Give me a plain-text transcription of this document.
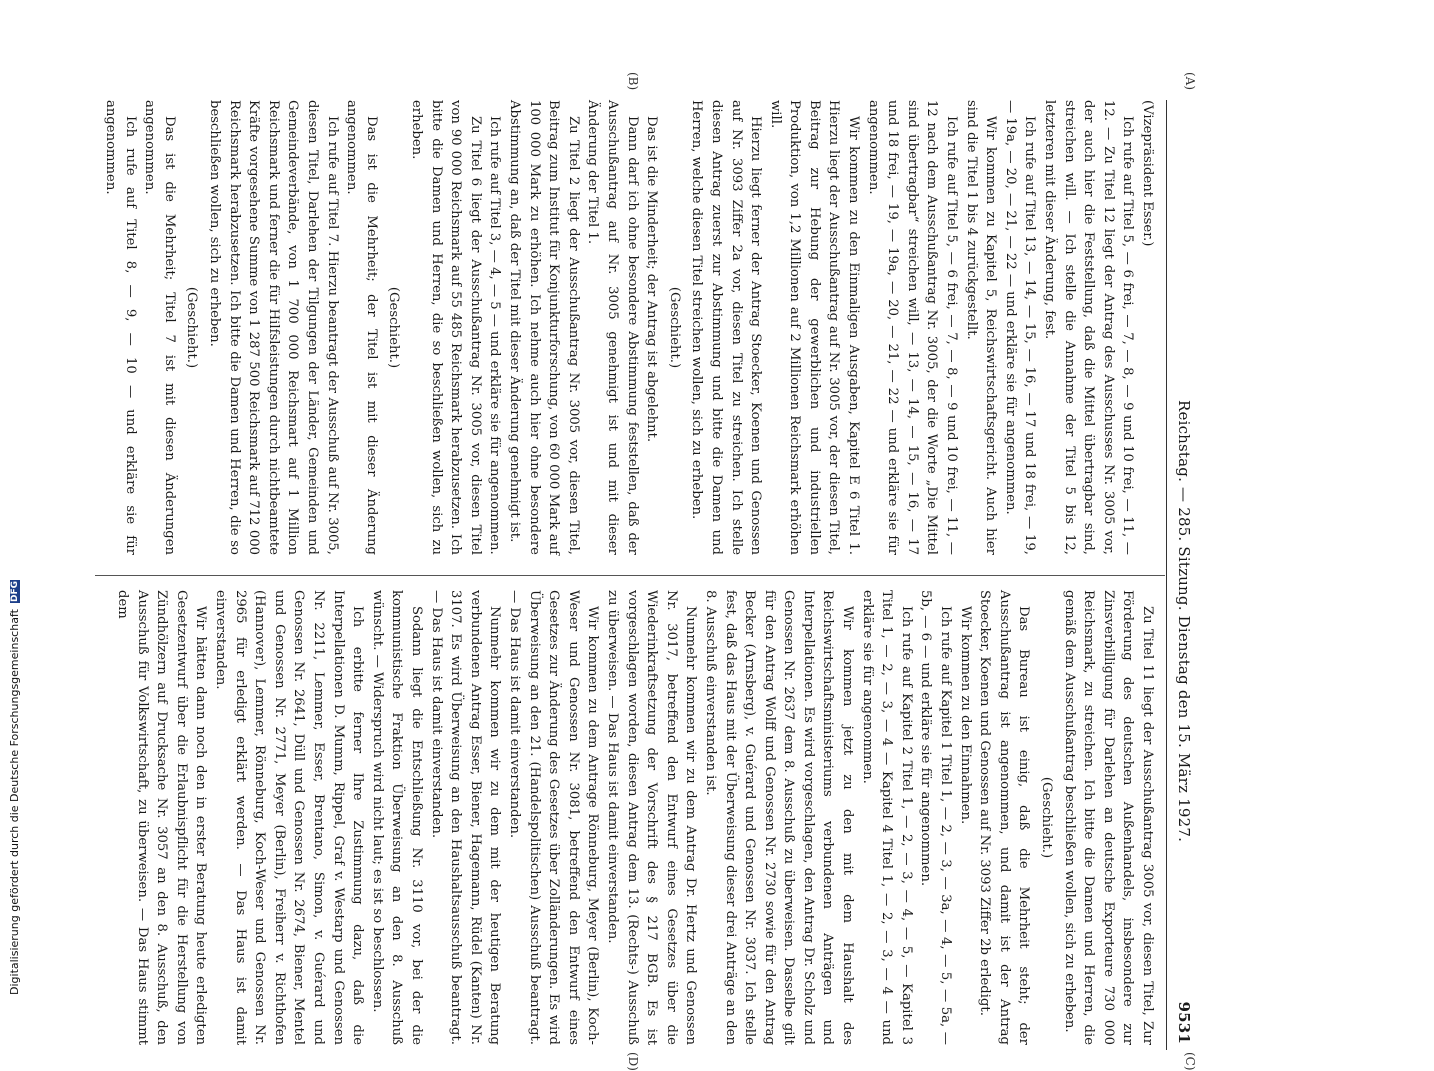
Reichstag. — 285. Sitzung. Dienstag den 15. März 1927.
9531
(A)
(B)
(C)
(D)

(Vizepräsident Esser.)

Ich rufe auf Titel 5, — 6 frei, — 7, — 8, — 9 und 10 frei, — 11, — 12. — Zu Titel 12 liegt der Antrag des Ausschusses Nr. 3005 vor, der auch hier die Feststellung, daß die Mittel übertragbar sind, streichen will. — Ich stelle die Annahme der Titel 5 bis 12, letzteren mit dieser Änderung, fest.

Ich rufe auf Titel 13, — 14, — 15, — 16, — 17 und 18 frei, — 19, — 19a, — 20, — 21, — 22 — und erkläre sie für angenommen.

Wir kommen zu Kapitel 5, Reichswirtschaftsgericht. Auch hier sind die Titel 1 bis 4 zurückgestellt.

Ich rufe auf Titel 5, — 6 frei, — 7, — 8, — 9 und 10 frei, — 11, — 12 nach dem Ausschußantrag Nr. 3005, der die Worte „Die Mittel sind übertragbar“ streichen will, — 13, — 14, — 15, — 16, — 17 und 18 frei, — 19, — 19a, — 20, — 21, — 22 — und erkläre sie für angenommen.

Wir kommen zu den Einmaligen Ausgaben, Kapitel E 6 Titel 1. Hierzu liegt der Ausschußantrag auf Nr. 3005 vor, der diesen Titel, Beitrag zur Hebung der gewerblichen und industriellen Produktion, von 1,2 Millionen auf 2 Millionen Reichsmark erhöhen will.

Hierzu liegt ferner der Antrag Stoecker, Koenen und Genossen auf Nr. 3093 Ziffer 2a vor, diesen Titel zu streichen. Ich stelle diesen Antrag zuerst zur Abstimmung und bitte die Damen und Herren, welche diesen Titel streichen wollen, sich zu erheben.

(Geschieht.)

Das ist die Minderheit; der Antrag ist abgelehnt.

Dann darf ich ohne besondere Abstimmung feststellen, daß der Ausschußantrag auf Nr. 3005 genehmigt ist und mit dieser Änderung der Titel 1.

Zu Titel 2 liegt der Ausschußantrag Nr. 3005 vor, diesen Titel, Beitrag zum Institut für Konjunkturforschung, von 60 000 Mark auf 100 000 Mark zu erhöhen. Ich nehme auch hier ohne besondere Abstimmung an, daß der Titel mit dieser Änderung genehmigt ist.

Ich rufe auf Titel 3, — 4, — 5 — und erkläre sie für angenommen.

Zu Titel 6 liegt der Ausschußantrag Nr. 3005 vor, diesen Titel von 90 000 Reichsmark auf 55 485 Reichsmark herabzusetzen. Ich bitte die Damen und Herren, die so beschließen wollen, sich zu erheben.

(Geschieht.)

Das ist die Mehrheit; der Titel ist mit dieser Änderung angenommen.

Ich rufe auf Titel 7. Hierzu beantragt der Ausschuß auf Nr. 3005, diesen Titel, Darlehen der Tilgungen der Länder, Gemeinden und Gemeindeverbände, von 1 700 000 Reichsmart auf 1 Million Reichsmark und ferner die für Hilfsleistungen durch nichtbeamtete Kräfte vorgesehene Summe von 1 287 500 Reichsmark auf 712 000 Reichsmark herabzusetzen. Ich bitte die Damen und Herren, die so beschließen wollen, sich zu erheben.

(Geschieht.)

Das ist die Mehrheit; Titel 7 ist mit diesen Änderungen angenommen.

Ich rufe auf Titel 8, — 9, — 10 — und erkläre sie für angenommen.

Zu Titel 11 liegt der Ausschußantrag 3005 vor, diesen Titel, Zur Förderung des deutschen Außenhandels, insbesondere zur Zinsverbilligung für Darlehen an deutsche Exporteure 730 000 Reichsmark, zu streichen. Ich bitte die Damen und Herren, die gemäß dem Ausschußantrag beschließen wollen, sich zu erheben.

(Geschieht.)

Das Bureau ist einig, daß die Mehrheit steht; der Ausschußantrag ist angenommen, und damit ist der Antrag Stoecker, Koenen und Genossen auf Nr. 3093 Ziffer 2b erledigt.

Wir kommen zu den Einnahmen.

Ich rufe auf Kapitel 1 Titel 1, — 2, — 3, — 3a, — 4, — 5, — 5a, — 5b, — 6 — und erkläre sie für angenommen.

Ich rufe auf Kapitel 2 Titel 1, — 2, — 3, — 4, — 5, — Kapitel 3 Titel 1, — 2, — 3, — 4 — Kapitel 4 Titel 1, — 2, — 3, — 4 — und erkläre sie für angenommen.

Wir kommen jetzt zu den mit dem Haushalt des Reichswirtschaftsministeriums verbundenen Anträgen und Interpellationen. Es wird vorgeschlagen, den Antrag Dr. Scholz und Genossen Nr. 2637 dem 8. Ausschuß zu überweisen. Dasselbe gilt für den Antrag Wolff und Genossen Nr. 2730 sowie für den Antrag Becker (Arnsberg), v. Guérard und Genossen Nr. 3037. Ich stelle fest, daß das Haus mit der Überweisung dieser drei Anträge an den 8. Ausschuß einverstanden ist.

Nunmehr kommen wir zu dem Antrag Dr. Hertz und Genossen Nr. 3017, betreffend den Entwurf eines Gesetzes über die Wiederinkraftsetzung der Vorschrift des § 217 BGB. Es ist vorgeschlagen worden, diesen Antrag dem 13. (Rechts-) Ausschuß zu überweisen. — Das Haus ist damit einverstanden.

Wir kommen zu dem Antrage Rönneburg, Meyer (Berlin), Koch-Weser und Genossen Nr. 3081, betreffend den Entwurf eines Gesetzes zur Änderung des Gesetzes über Zolländerungen. Es wird Überweisung an den 21. (Handelspolitischen) Ausschuß beantragt. — Das Haus ist damit einverstanden.

Nunmehr kommen wir zu dem mit der heutigen Beratung verbundenen Antrag Esser, Biener, Hagemann, Rüdel (Kanten) Nr. 3107. Es wird Überweisung an den Haushaltsausschuß beantragt. — Das Haus ist damit einverstanden.

Sodann liegt die Entschließung Nr. 3110 vor, bei der die kommunistische Fraktion Überweisung an den 8. Ausschuß wünscht. — Widerspruch wird nicht laut; es ist so beschlossen.

Ich erbitte ferner Ihre Zustimmung dazu, daß die Interpellationen D. Mumm, Rippel, Graf v. Westarp und Genossen Nr. 2211, Lemmer, Esser, Brentano, Simon, v. Guérard und Genossen Nr. 2641, Düll und Genossen Nr. 2674, Biener, Mentel und Genossen Nr. 2771, Meyer (Berlin), Freiherr v. Richthofen (Hannover), Lemmer, Rönneburg, Koch-Weser und Genossen Nr. 2965 für erledigt erklärt werden. — Das Haus ist damit einverstanden.

Wir hätten dann noch den in erster Beratung heute erledigten Gesetzentwurf über die Erlaubnispflicht für die Herstellung von Zündhölzern auf Drucksache Nr. 3057 an den 8. Ausschuß, den Ausschuß für Volkswirtschaft, zu überweisen. — Das Haus stimmt dem

Digitalisierung gefördert durch die Deutsche Forschungsgemeinschaft DFG
